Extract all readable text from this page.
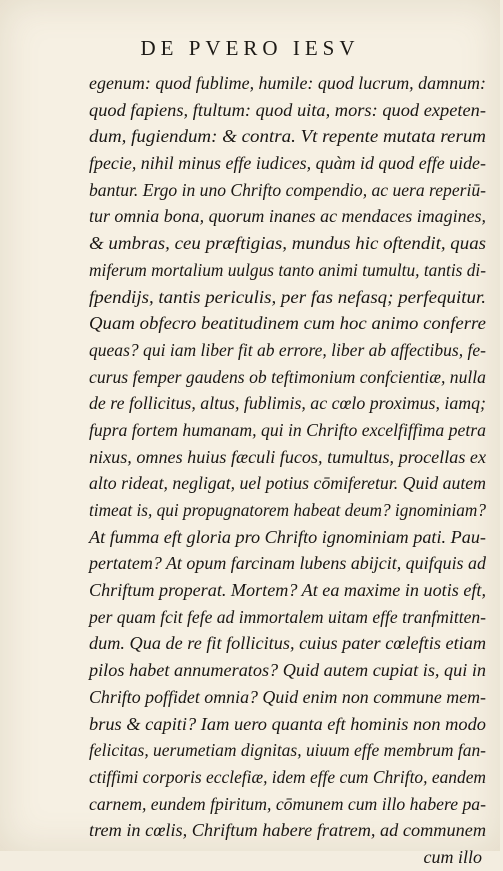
DE PVERO IESV
egenum: quod fublime, humile: quod lucrum, damnum:
quod fapiens, ftultum: quod uita, mors: quod expeten-
dum, fugiendum: & contra. Vt repente mutata rerum
fpecie, nihil minus effe iudices, quàm id quod effe uide-
bantur. Ergo in uno Chrifto compendio, ac uera reperiū-
tur omnia bona, quorum inanes ac mendaces imagines,
& umbras, ceu præftigias, mundus hic oftendit, quas
miferum mortalium uulgus tanto animi tumultu, tantis di-
fpendijs, tantis periculis, per fas nefasq; perfequitur.
Quam obfecro beatitudinem cum hoc animo conferre
queas? qui iam liber fit ab errore, liber ab affectibus, fe-
curus femper gaudens ob teftimonium confcientiæ, nulla
de re follicitus, altus, fublimis, ac cœlo proximus, iamq;
fupra fortem humanam, qui in Chrifto excelfiffima petra
nixus, omnes huius fæculi fucos, tumultus, procellas ex
alto rideat, negligat, uel potius cōmiferetur. Quid autem
timeat is, qui propugnatorem habeat deum? ignominiam?
At fumma eft gloria pro Chrifto ignominiam pati. Pau-
pertatem? At opum farcinam lubens abijcit, quifquis ad
Chriftum properat. Mortem? At ea maxime in uotis eft,
per quam fcit fefe ad immortalem uitam effe tranfmitten-
dum. Qua de re fit follicitus, cuius pater cœleftis etiam
pilos habet annumeratos? Quid autem cupiat is, qui in
Chrifto poffidet omnia? Quid enim non commune mem-
brus & capiti? Iam uero quanta eft hominis non modo
felicitas, uerumetiam dignitas, uiuum effe membrum fan-
ctiffimi corporis ecclefiæ, idem effe cum Chrifto, eandem
carnem, eundem fpiritum, cōmunem cum illo habere pa-
trem in cœlis, Chriftum habere fratrem, ad communem
cum illo
